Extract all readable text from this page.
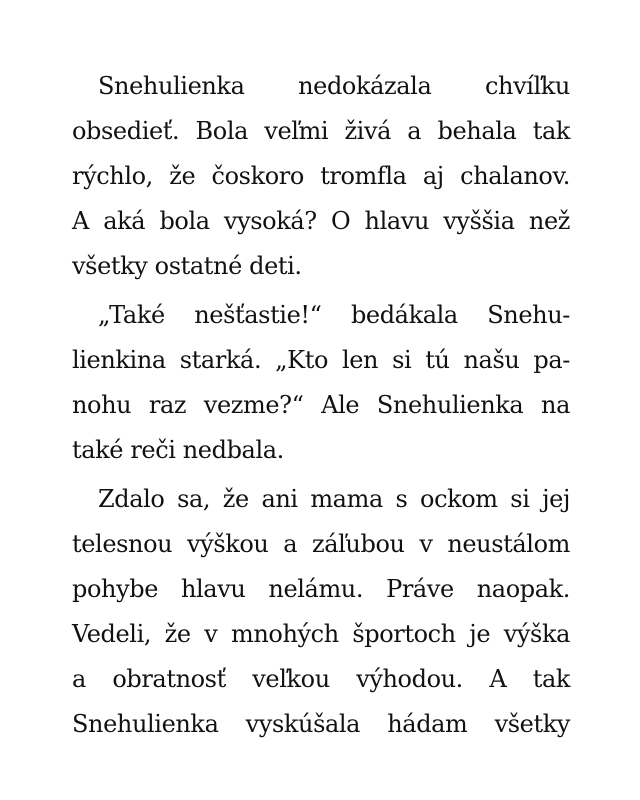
Snehulienka nedokázala chvíľku
obsedieť. Bola veľmi živá a behala tak
rýchlo, že čoskoro tromfla aj chalanov.
A aká bola vysoká? O hlavu vyššia než
všetky ostatné deti.

„Také nešťastie!“ bedákala Snehu-
lienkina starká. „Kto len si tú našu pa-
nohu raz vezme?“ Ale Snehulienka na
také reči nedbala.

Zdalo sa, že ani mama s ockom si jej
telesnou výškou a záľubou v neustálom
pohybe hlavu nelámu. Práve naopak.
Vedeli, že v mnohých športoch je výška
a obratnosť veľkou výhodou. A tak
Snehulienka vyskúšala hádam všetky
